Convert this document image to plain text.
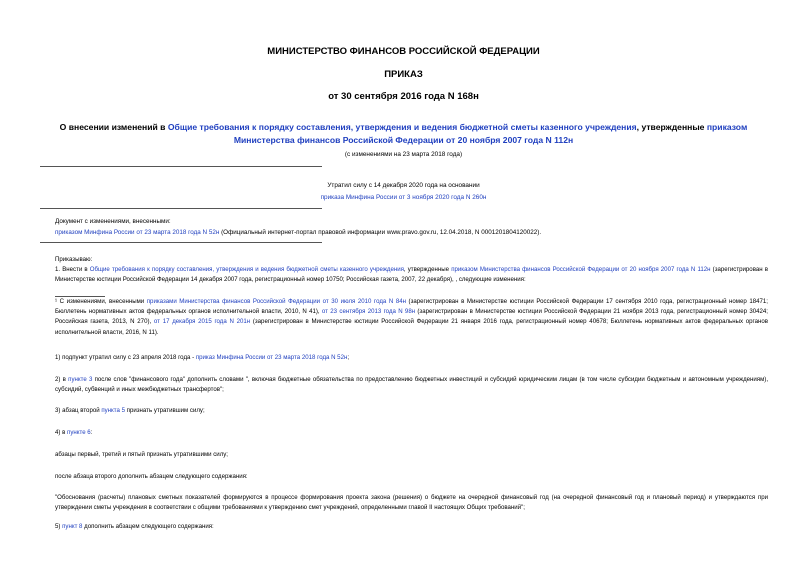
МИНИСТЕРСТВО ФИНАНСОВ РОССИЙСКОЙ ФЕДЕРАЦИИ
ПРИКАЗ
от 30 сентября 2016 года N 168н
О внесении изменений в Общие требования к порядку составления, утверждения и ведения бюджетной сметы казенного учреждения, утвержденные приказом
Министерства финансов Российской Федерации от 20 ноября 2007 года N 112н
(с изменениями на 23 марта 2018 года)
Утратил силу с 14 декабря 2020 года на основании
приказа Минфина России от 3 ноября 2020 года N 260н
Документ с изменениями, внесенными:
приказом Минфина России от 23 марта 2018 года N 52н (Официальный интернет-портал правовой информации www.pravo.gov.ru, 12.04.2018, N 0001201804120022).
Приказываю:
1. Внести в Общие требования к порядку составления, утверждения и ведения бюджетной сметы казенного учреждения, утвержденные приказом Министерства финансов Российской Федерации от 20 ноября 2007 года N 112н (зарегистрирован в Министерстве юстиции Российской Федерации 14 декабря 2007 года, регистрационный номер 10750; Российская газета, 2007, 22 декабря), , следующие изменения:
¹ С изменениями, внесенными приказами Министерства финансов Российской Федерации от 30 июля 2010 года N 84н (зарегистрирован в Министерстве юстиции Российской Федерации 17 сентября 2010 года, регистрационный номер 18471; Бюллетень нормативных актов федеральных органов исполнительной власти, 2010, N 41), от 23 сентября 2013 года N 98н (зарегистрирован в Министерстве юстиции Российской Федерации 21 ноября 2013 года, регистрационный номер 30424; Российская газета, 2013, N 270), от 17 декабря 2015 года N 201н (зарегистрирован в Министерстве юстиции Российской Федерации 21 января 2016 года, регистрационный номер 40678; Бюллетень нормативных актов федеральных органов исполнительной власти, 2016, N 11).
1) подпункт утратил силу с 23 апреля 2018 года - приказ Минфина России от 23 марта 2018 года N 52н;
2) в пункте 3 после слов "финансового года" дополнить словами ", включая бюджетные обязательства по предоставлению бюджетных инвестиций и субсидий юридическим лицам (в том числе субсидии бюджетным и автономным учреждениям), субсидий, субвенций и иных межбюджетных трансфертов";
3) абзац второй пункта 5 признать утратившим силу;
4) в пункте 6:
абзацы первый, третий и пятый признать утратившими силу;
после абзаца второго дополнить абзацем следующего содержания:
"Обоснования (расчеты) плановых сметных показателей формируются в процессе формирования проекта закона (решения) о бюджете на очередной финансовый год (на очередной финансовый год и плановый период) и утверждаются при утверждении сметы учреждения в соответствии с общими требованиями к утверждению смет учреждений, определенными главой II настоящих Общих требований";
5) пункт 8 дополнить абзацем следующего содержания:
